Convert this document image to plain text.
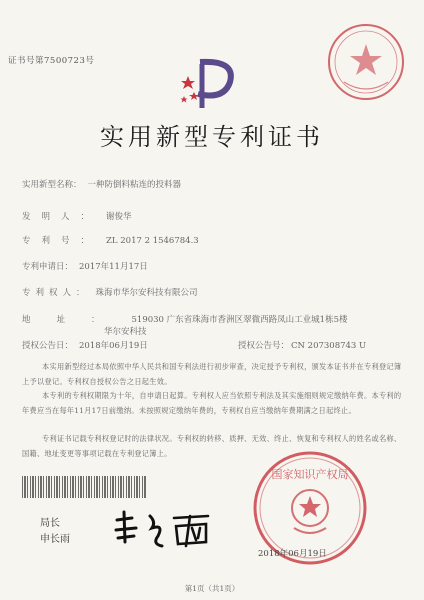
证书号第7500723号
实用新型专利证书
实用新型名称： 一种防倒料粘连的投料器
发明人： 谢俊华
专利号： ZL 2017 2 1546784.3
专利申请日： 2017年11月17日
专利权人： 珠海市华尔安科技有限公司
地址： 519030 广东省珠海市香洲区翠微西路凤山工业城1栋5楼
华尔安科技
授权公告日： 2018年06月19日	授权公告号： CN 207308743 U
本实用新型经过本局依照中华人民共和国专利法进行初步审查，决定授予专利权，颁发本证书并在专利登记簿上予以登记。专利权自授权公告之日起生效。
本专利的专利权期限为十年，自申请日起算。专利权人应当依照专利法及其实施细则规定缴纳年费。本专利的年费应当在每年11月17日前缴纳。未按照规定缴纳年费的，专利权自应当缴纳年费期满之日起终止。
专利证书记载专利权登记时的法律状况。专利权的转移、质押、无效、终止、恢复和专利权人的姓名或名称、国籍、地址变更等事项记载在专利登记簿上。
局长
申长雨
国家知识产权局
2018年06月19日
第1页（共1页）
